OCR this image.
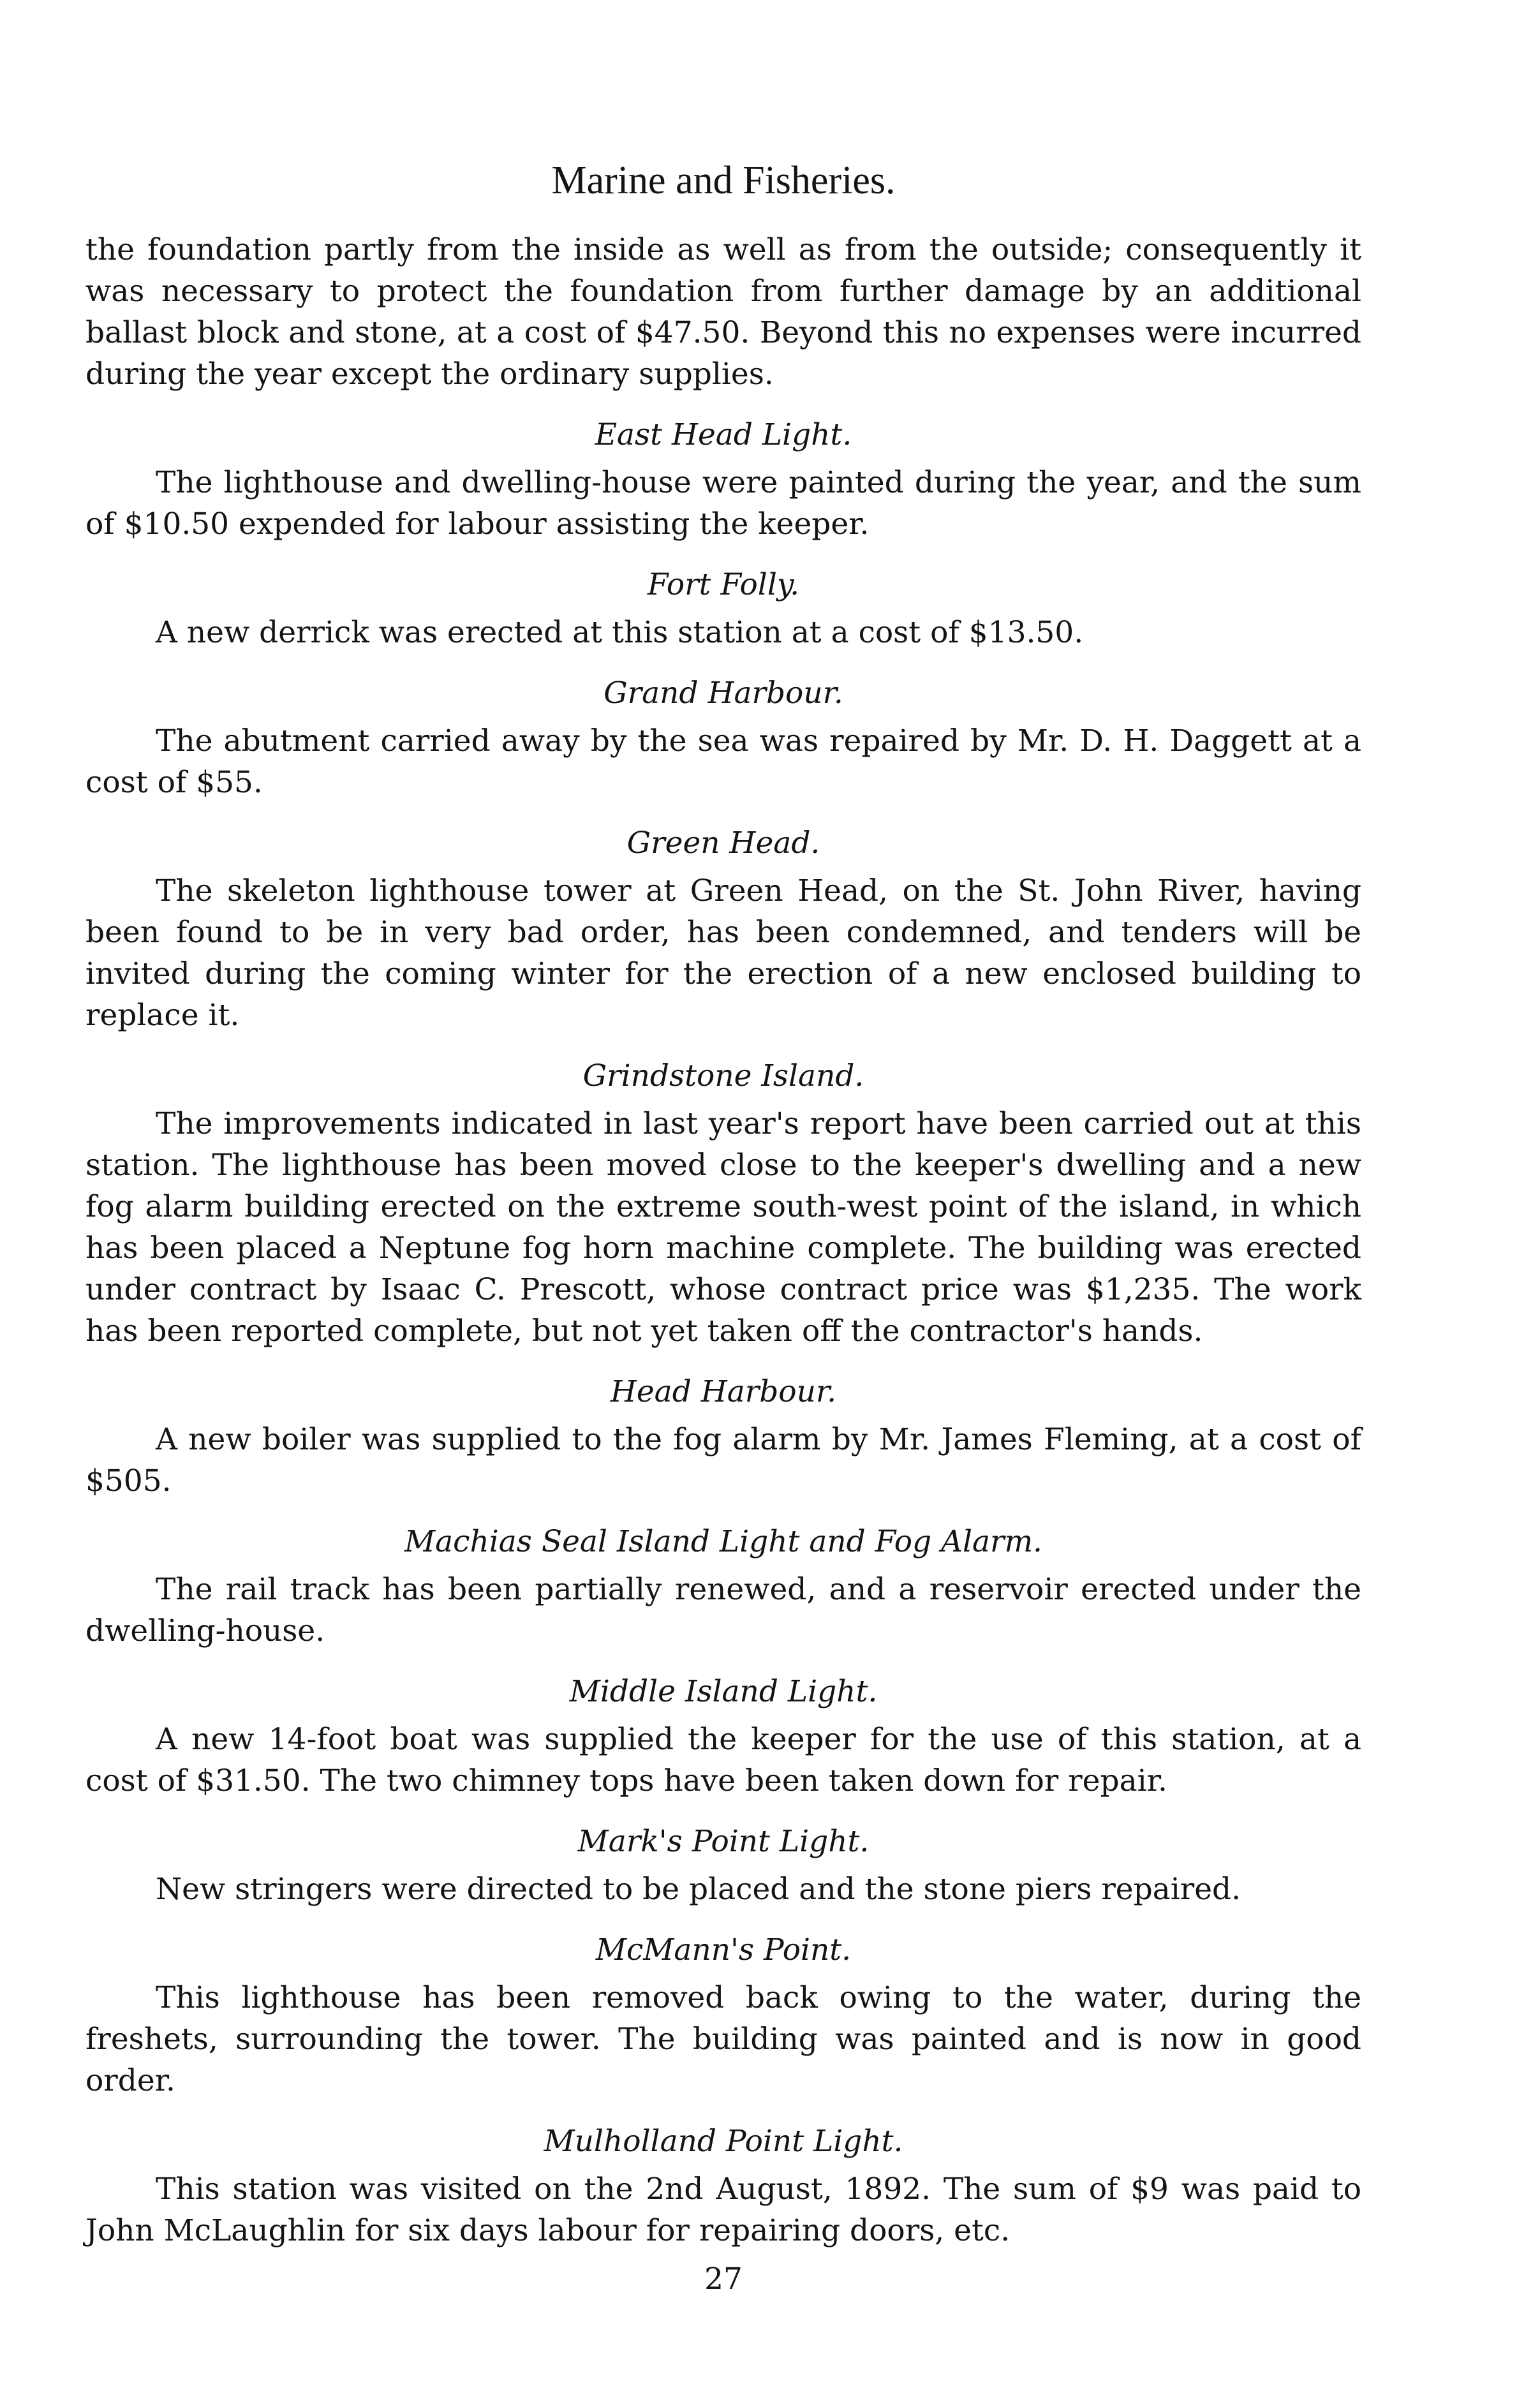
Marine and Fisheries.

the foundation partly from the inside as well as from the outside; consequently it was necessary to protect the foundation from further damage by an additional ballast block and stone, at a cost of $47.50. Beyond this no expenses were incurred during the year except the ordinary supplies.

East Head Light.

The lighthouse and dwelling-house were painted during the year, and the sum of $10.50 expended for labour assisting the keeper.

Fort Folly.

A new derrick was erected at this station at a cost of $13.50.

Grand Harbour.

The abutment carried away by the sea was repaired by Mr. D. H. Daggett at a cost of $55.

Green Head.

The skeleton lighthouse tower at Green Head, on the St. John River, having been found to be in very bad order, has been condemned, and tenders will be invited during the coming winter for the erection of a new enclosed building to replace it.

Grindstone Island.

The improvements indicated in last year's report have been carried out at this station. The lighthouse has been moved close to the keeper's dwelling and a new fog alarm building erected on the extreme south-west point of the island, in which has been placed a Neptune fog horn machine complete. The building was erected under contract by Isaac C. Prescott, whose contract price was $1,235. The work has been reported complete, but not yet taken off the contractor's hands.

Head Harbour.

A new boiler was supplied to the fog alarm by Mr. James Fleming, at a cost of $505.

Machias Seal Island Light and Fog Alarm.

The rail track has been partially renewed, and a reservoir erected under the dwelling-house.

Middle Island Light.

A new 14-foot boat was supplied the keeper for the use of this station, at a cost of $31.50. The two chimney tops have been taken down for repair.

Mark's Point Light.

New stringers were directed to be placed and the stone piers repaired.

McMann's Point.

This lighthouse has been removed back owing to the water, during the freshets, surrounding the tower. The building was painted and is now in good order.

Mulholland Point Light.

This station was visited on the 2nd August, 1892. The sum of $9 was paid to John McLaughlin for six days labour for repairing doors, etc.

27
